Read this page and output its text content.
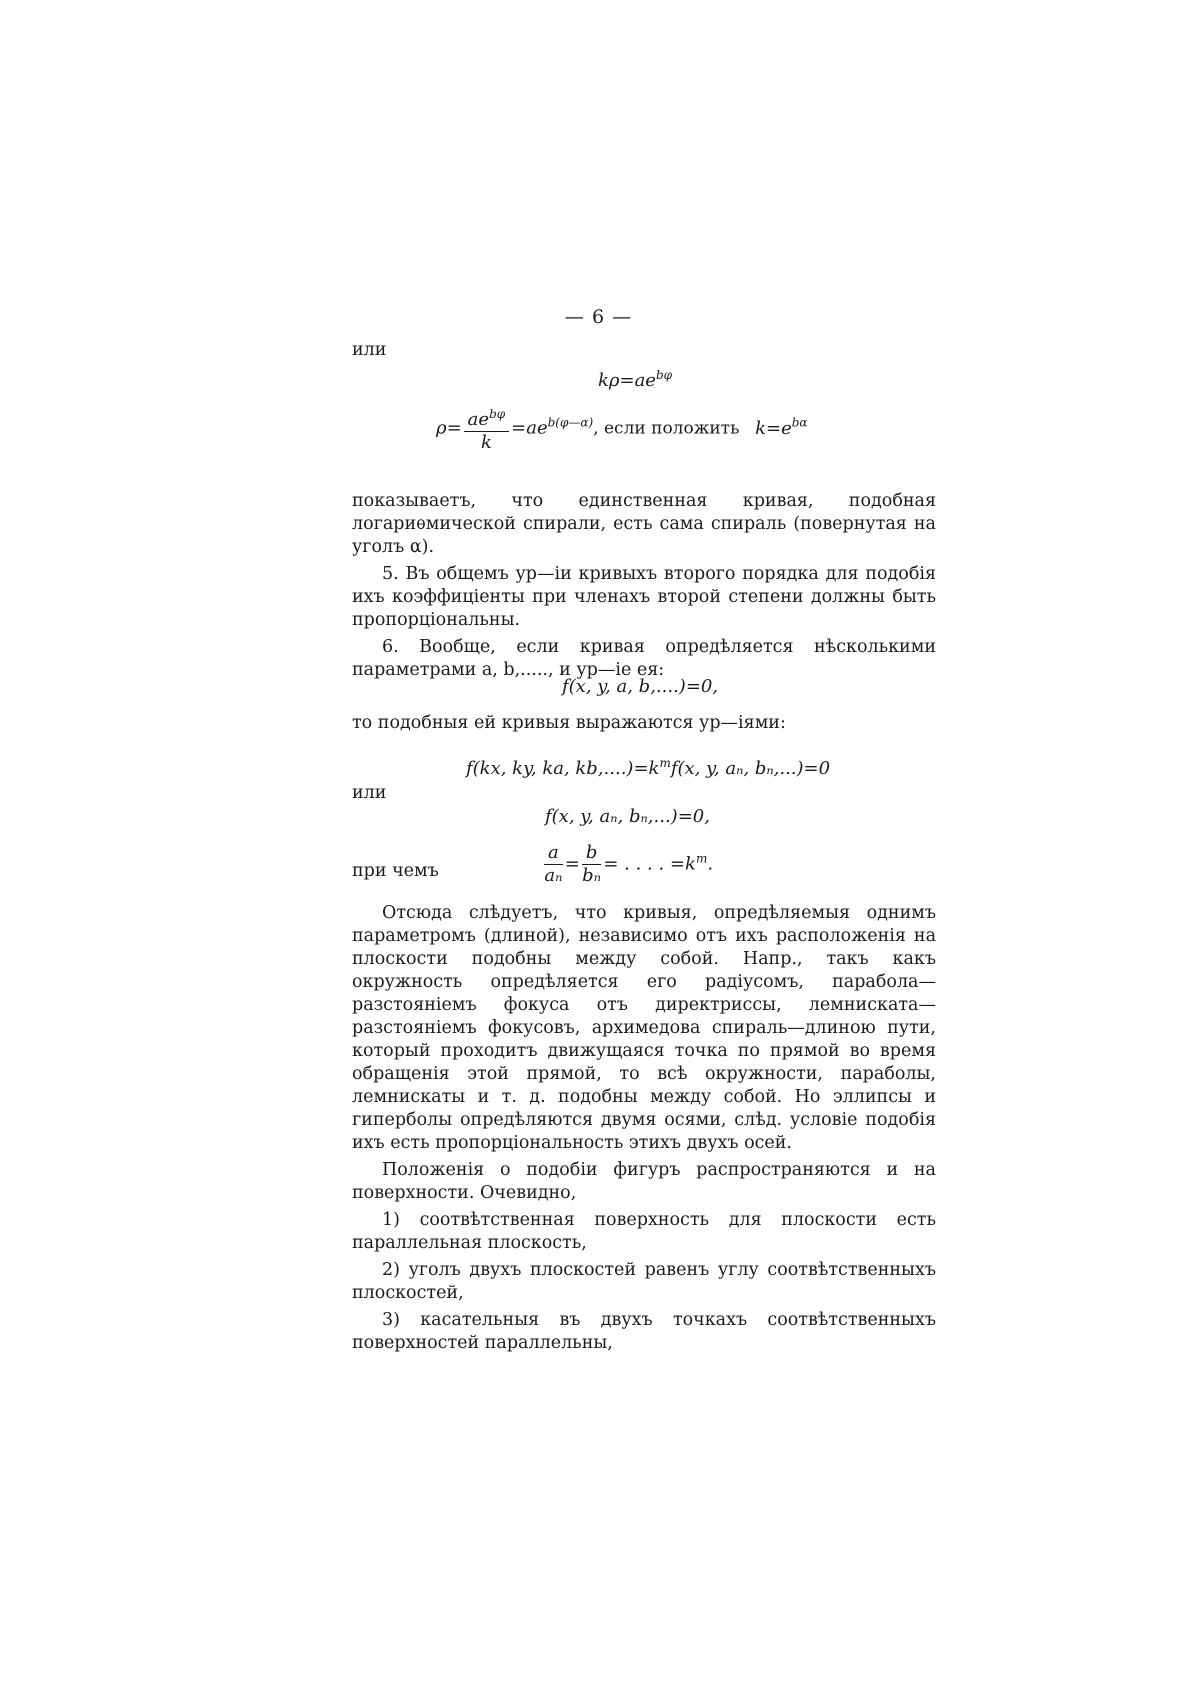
— 6 —
или
$k\rho=ae^{b\varphi}$
$\rho= \frac{ae^{b\varphi}}{k} =ae^{b(\varphi—\alpha)}$, если положить $k=e^{b\alpha}$

показываетъ, что единственная кривая, подобная логариѳмической спирали, есть сама спираль (повернутая на уголъ α).

5. Въ общемъ ур—іи кривыхъ второго порядка для подобія ихъ коэффиціенты при членахъ второй степени должны быть пропорціональны.

6. Вообще, если кривая опредѣляется нѣсколькими параметрами a, b,....., и ур—іе ея:

f(x, y, a, b,....)=0,
то подобныя ей кривыя выражаются ур—іями:
f(kx, ky, ka, $kb,....)=k^mf(x$, y, aₙ, bₙ,...)=0
или
f(x, y, aₙ, bₙ,...)=0,
при чемъ	$\frac{a}{\text{aₙ}} = \frac{b}{\text{bₙ}}$ = . . . . $=k^m$.

Отсюда слѣдуетъ, что кривыя, опредѣляемыя однимъ параметромъ (длиной), независимо отъ ихъ расположенія на плоскости подобны между собой. Напр., такъ какъ окружность опредѣляется его радіусомъ, парабола—разстояніемъ фокуса отъ директриссы, лемниската—разстояніемъ фокусовъ, архимедова спираль—длиною пути, который проходитъ движущаяся точка по прямой во время обращенія этой прямой, то всѣ окружности, параболы, лемнискаты и т. д. подобны между собой. Но эллипсы и гиперболы опредѣляются двумя осями, слѣд. условіе подобія ихъ есть пропорціональность этихъ двухъ осей.

Положенія о подобіи фигуръ распространяются и на поверхности. Очевидно,

1) соотвѣтственная поверхность для плоскости есть параллельная плоскость,

2) уголъ двухъ плоскостей равенъ углу соотвѣтственныхъ плоскостей,

3) касательныя въ двухъ точкахъ соотвѣтственныхъ поверхностей параллельны,
